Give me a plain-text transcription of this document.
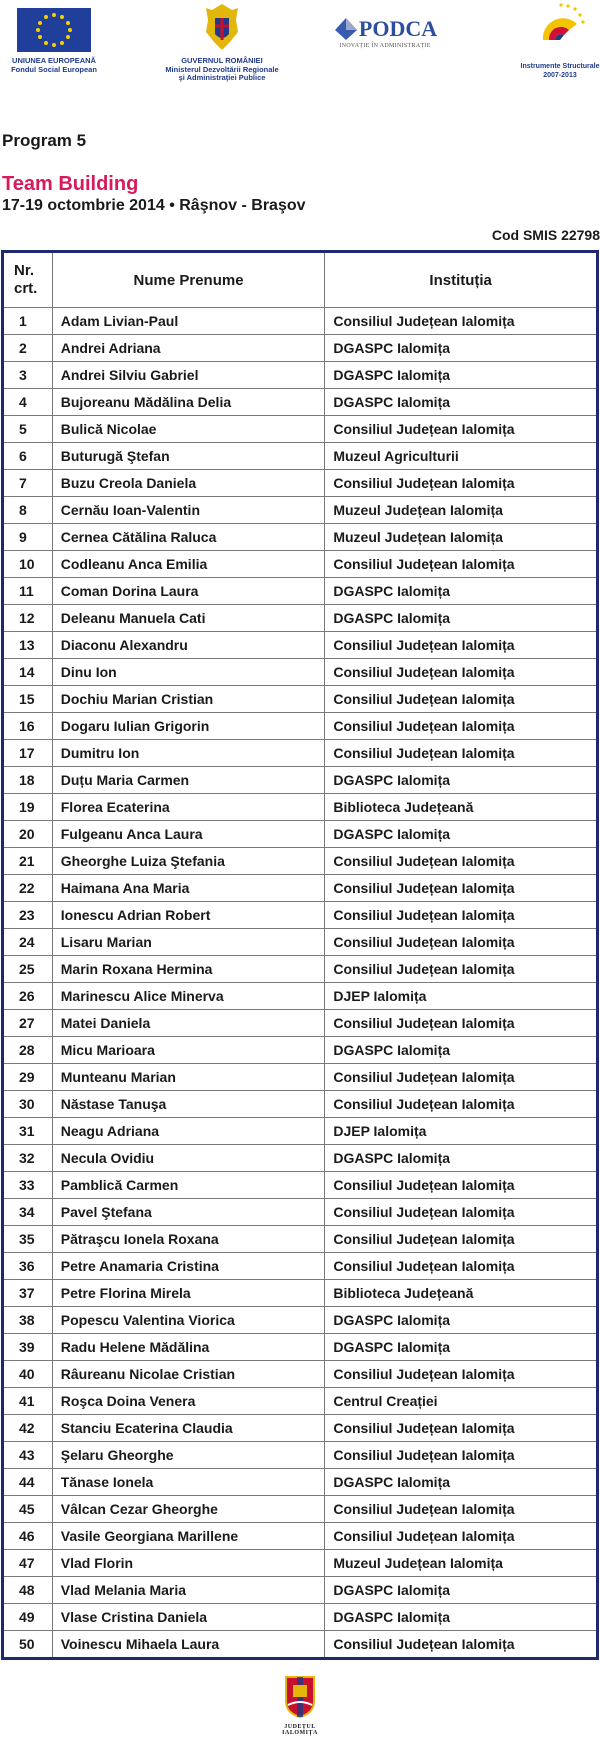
UNIUNEA EUROPEANĂ
Fondul Social European
GUVERNUL ROMÂNIEI
Ministerul Dezvoltării Regionale
şi Administraţiei Publice
PODCA
INOVAȚIE ÎN ADMINISTRAȚIE
Instrumente Structurale
2007-2013
Program 5
Team Building
17-19 octombrie 2014 • Râşnov - Braşov
Cod SMIS 22798
Nr.
crt.	Nume Prenume	Instituția
1	Adam Livian-Paul	Consiliul Județean Ialomița
2	Andrei Adriana	DGASPC Ialomița
3	Andrei Silviu Gabriel	DGASPC Ialomița
4	Bujoreanu Mădălina Delia	DGASPC Ialomița
5	Bulică Nicolae	Consiliul Județean Ialomița
6	Buturugă Ştefan	Muzeul Agriculturii
7	Buzu Creola Daniela	Consiliul Județean Ialomița
8	Cernău Ioan-Valentin	Muzeul Județean Ialomița
9	Cernea Cătălina Raluca	Muzeul Județean Ialomița
10	Codleanu Anca Emilia	Consiliul Județean Ialomița
11	Coman Dorina Laura	DGASPC Ialomița
12	Deleanu Manuela Cati	DGASPC Ialomița
13	Diaconu Alexandru	Consiliul Județean Ialomița
14	Dinu Ion	Consiliul Județean Ialomița
15	Dochiu Marian Cristian	Consiliul Județean Ialomița
16	Dogaru Iulian Grigorin	Consiliul Județean Ialomița
17	Dumitru Ion	Consiliul Județean Ialomița
18	Duțu Maria Carmen	DGASPC Ialomița
19	Florea Ecaterina	Biblioteca Județeană
20	Fulgeanu Anca Laura	DGASPC Ialomița
21	Gheorghe Luiza Ştefania	Consiliul Județean Ialomița
22	Haimana Ana Maria	Consiliul Județean Ialomița
23	Ionescu Adrian Robert	Consiliul Județean Ialomița
24	Lisaru Marian	Consiliul Județean Ialomița
25	Marin Roxana Hermina	Consiliul Județean Ialomița
26	Marinescu Alice Minerva	DJEP Ialomița
27	Matei Daniela	Consiliul Județean Ialomița
28	Micu Marioara	DGASPC Ialomița
29	Munteanu Marian	Consiliul Județean Ialomița
30	Năstase Tanuşa	Consiliul Județean Ialomița
31	Neagu Adriana	DJEP Ialomița
32	Necula Ovidiu	DGASPC Ialomița
33	Pamblică Carmen	Consiliul Județean Ialomița
34	Pavel Ştefana	Consiliul Județean Ialomița
35	Pătraşcu Ionela Roxana	Consiliul Județean Ialomița
36	Petre Anamaria Cristina	Consiliul Județean Ialomița
37	Petre Florina Mirela	Biblioteca Județeană
38	Popescu Valentina Viorica	DGASPC Ialomița
39	Radu Helene Mădălina	DGASPC Ialomița
40	Râureanu Nicolae Cristian	Consiliul Județean Ialomița
41	Roşca Doina Venera	Centrul Creației
42	Stanciu Ecaterina Claudia	Consiliul Județean Ialomița
43	Şelaru Gheorghe	Consiliul Județean Ialomița
44	Tănase Ionela	DGASPC Ialomița
45	Vâlcan Cezar Gheorghe	Consiliul Județean Ialomița
46	Vasile Georgiana Marillene	Consiliul Județean Ialomița
47	Vlad Florin	Muzeul Județean Ialomița
48	Vlad Melania Maria	DGASPC Ialomița
49	Vlase Cristina Daniela	DGASPC Ialomița
50	Voinescu Mihaela Laura	Consiliul Județean Ialomița
JUDEȚUL IALOMIȚA
